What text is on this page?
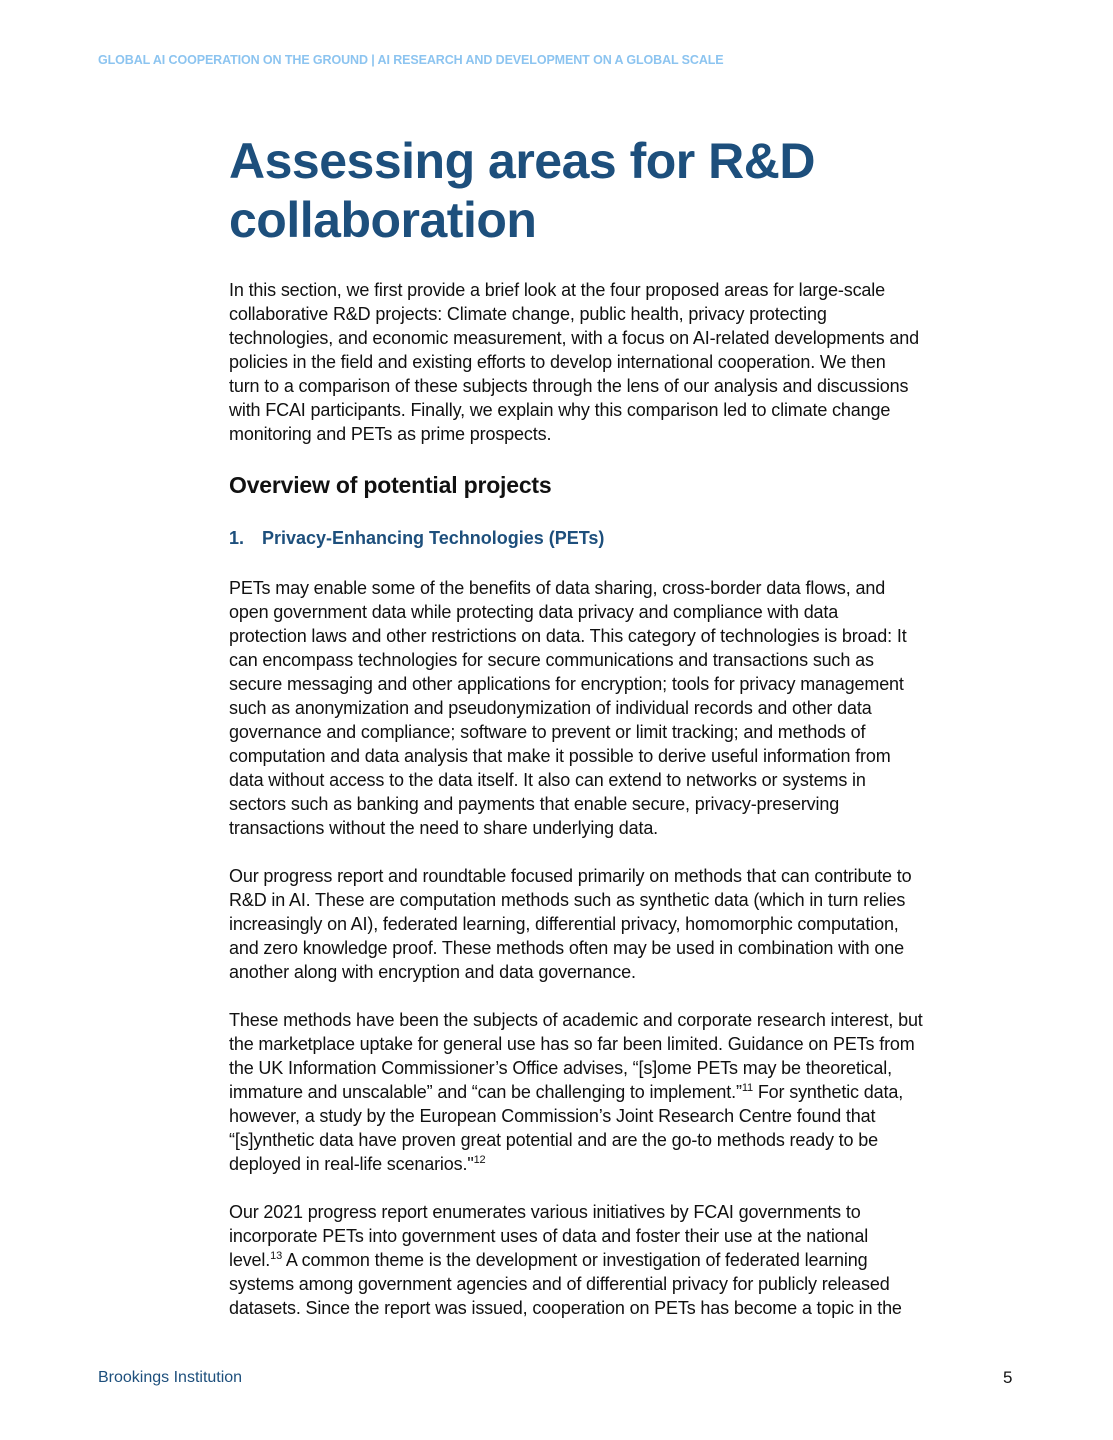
GLOBAL AI COOPERATION ON THE GROUND | AI RESEARCH AND DEVELOPMENT ON A GLOBAL SCALE
Assessing areas for R&D
collaboration
In this section, we first provide a brief look at the four proposed areas for large-scale
collaborative R&D projects: Climate change, public health, privacy protecting
technologies, and economic measurement, with a focus on AI-related developments and
policies in the field and existing efforts to develop international cooperation. We then
turn to a comparison of these subjects through the lens of our analysis and discussions
with FCAI participants. Finally, we explain why this comparison led to climate change
monitoring and PETs as prime prospects.
Overview of potential projects
1. Privacy-Enhancing Technologies (PETs)
PETs may enable some of the benefits of data sharing, cross-border data flows, and
open government data while protecting data privacy and compliance with data
protection laws and other restrictions on data. This category of technologies is broad: It
can encompass technologies for secure communications and transactions such as
secure messaging and other applications for encryption; tools for privacy management
such as anonymization and pseudonymization of individual records and other data
governance and compliance; software to prevent or limit tracking; and methods of
computation and data analysis that make it possible to derive useful information from
data without access to the data itself. It also can extend to networks or systems in
sectors such as banking and payments that enable secure, privacy-preserving
transactions without the need to share underlying data.
Our progress report and roundtable focused primarily on methods that can contribute to
R&D in AI. These are computation methods such as synthetic data (which in turn relies
increasingly on AI), federated learning, differential privacy, homomorphic computation,
and zero knowledge proof. These methods often may be used in combination with one
another along with encryption and data governance.
These methods have been the subjects of academic and corporate research interest, but
the marketplace uptake for general use has so far been limited. Guidance on PETs from
the UK Information Commissioner’s Office advises, “[s]ome PETs may be theoretical,
immature and unscalable” and “can be challenging to implement.”$^{11}$ For synthetic data,
however, a study by the European Commission’s Joint Research Centre found that
“[s]ynthetic data have proven great potential and are the go-to methods ready to be
deployed in real-life scenarios."$^{12}$
Our 2021 progress report enumerates various initiatives by FCAI governments to
incorporate PETs into government uses of data and foster their use at the national
level.$^{13}$ A common theme is the development or investigation of federated learning
systems among government agencies and of differential privacy for publicly released
datasets. Since the report was issued, cooperation on PETs has become a topic in the
Brookings Institution	5
